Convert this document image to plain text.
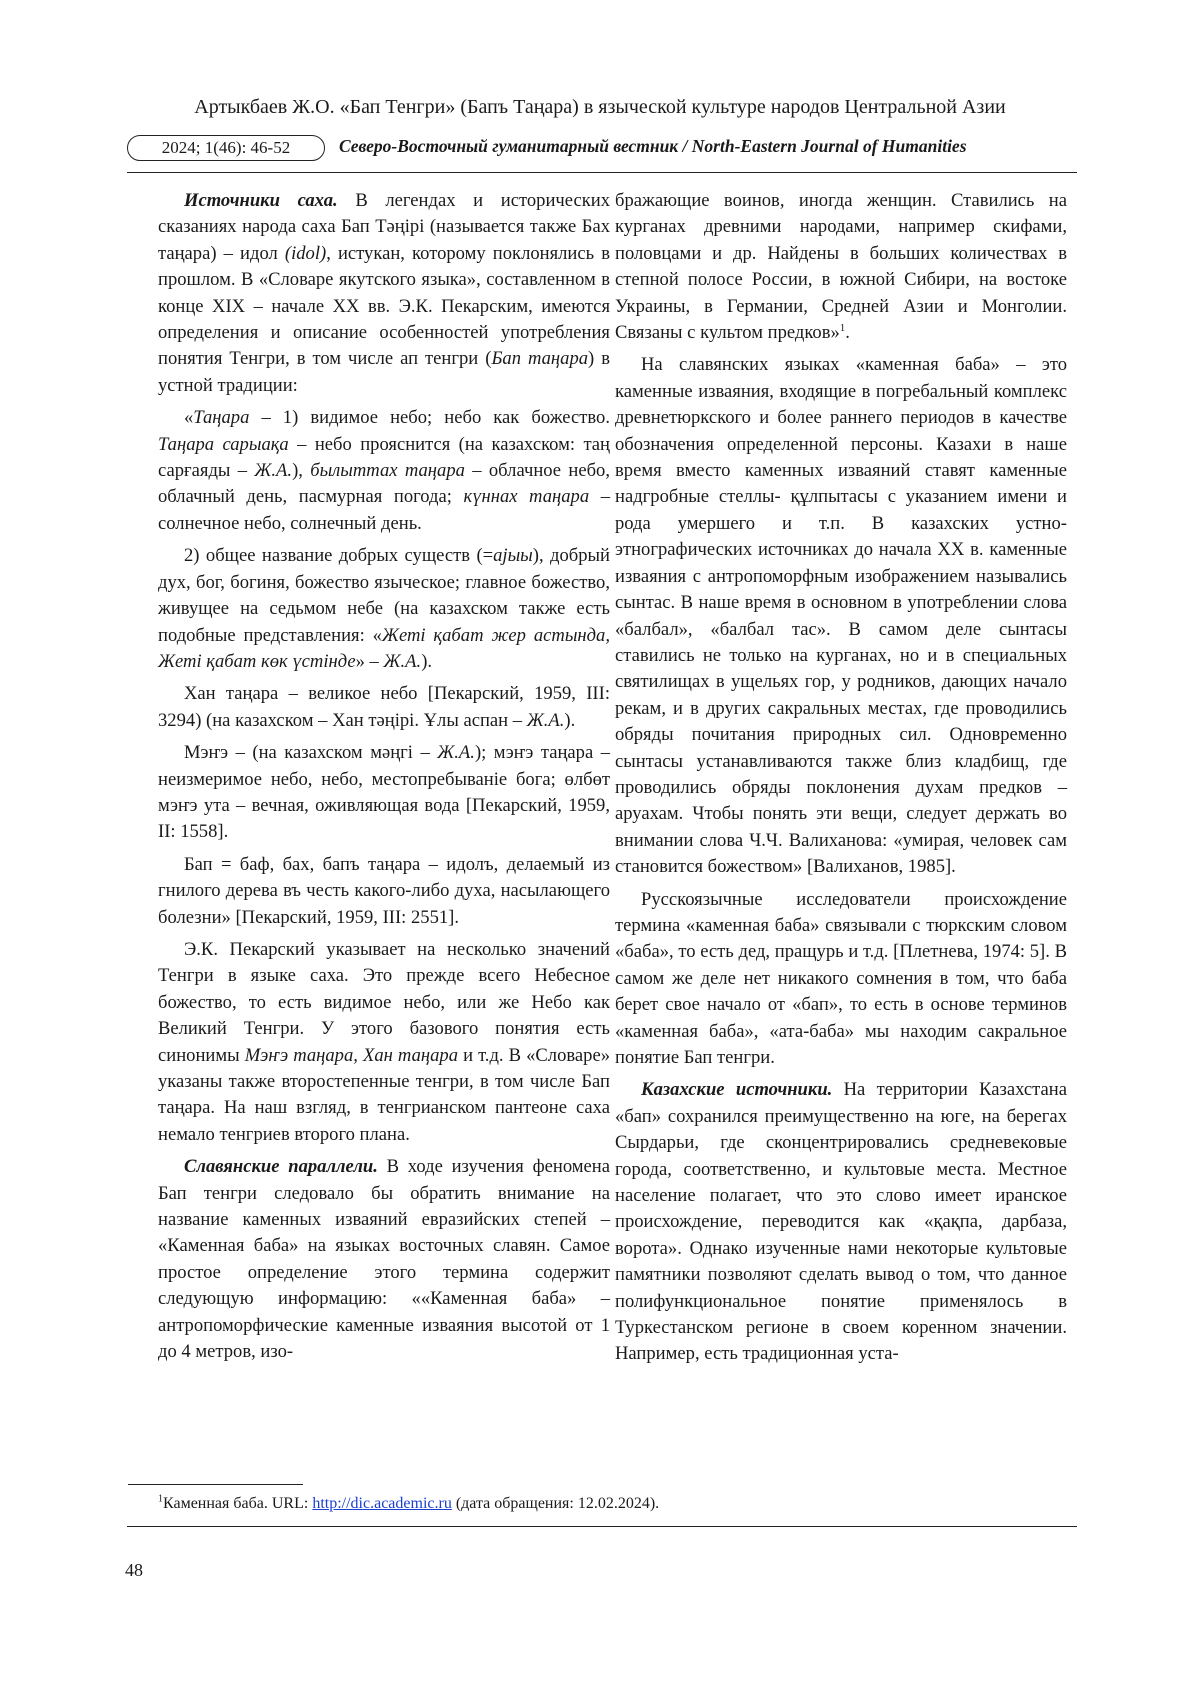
Артыкбаев Ж.О. «Бап Тенгри» (Бапъ Таңара) в языческой культуре народов Центральной Азии
2024; 1(46): 46-52	Северо-Восточный гуманитарный вестник / North-Eastern Journal of Humanities

Источники саха. В легендах и исторических сказаниях народа саха Бап Тәңірі (называется также Бах таңара) – идол (idol), истукан, которому поклонялись в прошлом. В «Словаре якутского языка», составленном в конце XIX – начале XX вв. Э.К. Пекарским, имеются определения и описание особенностей употребления понятия Тенгри, в том числе ап тенгри (Бап таңара) в устной традиции:

«Таңара – 1) видимое небо; небо как божество. Таңара сарыақа – небо прояснится (на казахском: таң сарғаяды – Ж.А.), былыттах таңара – облачное небо, облачный день, пасмурная погода; күннах таңара – солнечное небо, солнечный день.

2) общее название добрых существ (=ајыы), добрый дух, бог, богиня, божество языческое; главное божество, живущее на седьмом небе (на казахском также есть подобные представления: «Жеті қабат жер астында, Жеті қабат көк үстінде» – Ж.А.).

Хан таңара – великое небо [Пекарский, 1959, III: 3294) (на казахском – Хан тәңірі. Ұлы аспан – Ж.А.).

Мэҥэ – (на казахском мәңгі – Ж.А.); мэҥэ таңара – неизмеримое небо, небо, местопребыванiе бога; өлбөт мэҥэ ута – вечная, оживляющая вода [Пекарский, 1959, II: 1558].

Бап = баф, бах, бапъ таңара – идолъ, делаемый из гнилого дерева въ честь какого-либо духа, насылающего болезни» [Пекарский, 1959, III: 2551].

Э.К. Пекарский указывает на несколько значений Тенгри в языке саха. Это прежде всего Небесное божество, то есть видимое небо, или же Небо как Великий Тенгри. У этого базового понятия есть синонимы Мэҥэ таңара, Хан таңара и т.д. В «Словаре» указаны также второстепенные тенгри, в том числе Бап таңара. На наш взгляд, в тенгрианском пантеоне саха немало тенгриев второго плана.

Славянские параллели. В ходе изучения феномена Бап тенгри следовало бы обратить внимание на название каменных изваяний евразийских степей – «Каменная баба» на языках восточных славян. Самое простое определение этого термина содержит следующую информацию: ««Каменная баба» – антропоморфические каменные изваяния высотой от 1 до 4 метров, изо-

бражающие воинов, иногда женщин. Ставились на курганах древними народами, например скифами, половцами и др. Найдены в больших количествах в степной полосе России, в южной Сибири, на востоке Украины, в Германии, Средней Азии и Монголии. Связаны с культом предков»$^1$.

На славянских языках «каменная баба» – это каменные изваяния, входящие в погребальный комплекс древнетюркского и более раннего периодов в качестве обозначения определенной персоны. Казахи в наше время вместо каменных изваяний ставят каменные надгробные стеллы- құлпытасы с указанием имени и рода умершего и т.п. В казахских устно-этнографических источниках до начала XX в. каменные изваяния с антропоморфным изображением назывались сынтас. В наше время в основном в употреблении слова «балбал», «балбал тас». В самом деле сынтасы ставились не только на курганах, но и в специальных святилищах в ущельях гор, у родников, дающих начало рекам, и в других сакральных местах, где проводились обряды почитания природных сил. Одновременно сынтасы устанавливаются также близ кладбищ, где проводились обряды поклонения духам предков – аруахам. Чтобы понять эти вещи, следует держать во внимании слова Ч.Ч. Валиханова: «умирая, человек сам становится божеством» [Валиханов, 1985].

Русскоязычные исследователи происхождение термина «каменная баба» связывали с тюркским словом «баба», то есть дед, пращурь и т.д. [Плетнева, 1974: 5]. В самом же деле нет никакого сомнения в том, что баба берет свое начало от «бап», то есть в основе терминов «каменная баба», «ата-баба» мы находим сакральное понятие Бап тенгри.

Казахские источники. На территории Казахстана «бап» сохранился преимущественно на юге, на берегах Сырдарьи, где сконцентрировались средневековые города, соответственно, и культовые места. Местное население полагает, что это слово имеет иранское происхождение, переводится как «қақпа, дарбаза, ворота». Однако изученные нами некоторые культовые памятники позволяют сделать вывод о том, что данное полифункциональное понятие применялось в Туркестанском регионе в своем коренном значении. Например, есть традиционная уста-

$^1$Каменная баба. URL: http://dic.academic.ru (дата обращения: 12.02.2024).
48
